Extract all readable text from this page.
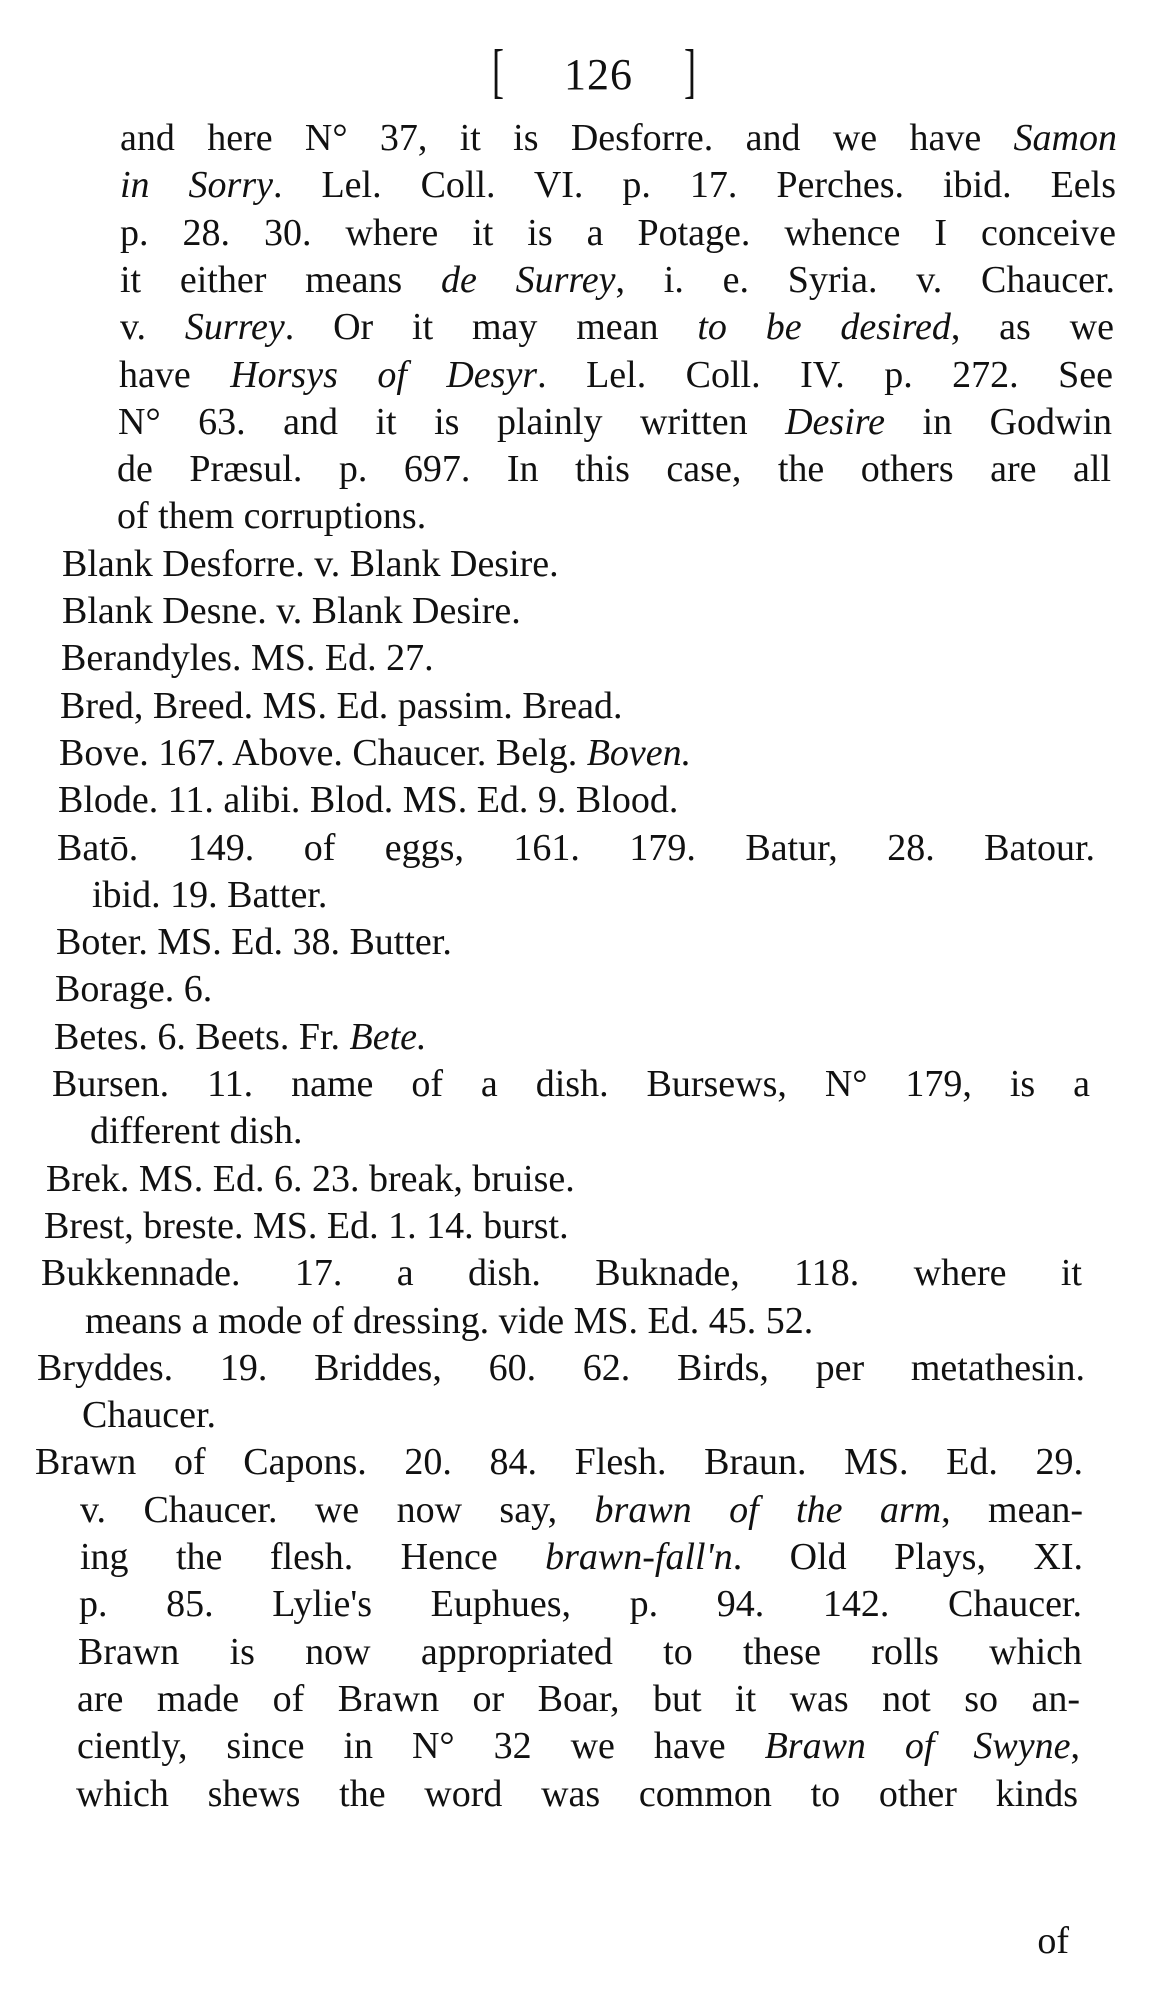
[ 126 ]
and here N° 37, it is Desforre. and we have Samon
in Sorry. Lel. Coll. VI. p. 17. Perches. ibid. Eels
p. 28. 30. where it is a Potage. whence I conceive
it either means de Surrey, i. e. Syria. v. Chaucer.
v. Surrey. Or it may mean to be desired, as we
have Horsys of Desyr. Lel. Coll. IV. p. 272. See
N° 63. and it is plainly written Desire in Godwin
de Præsul. p. 697. In this case, the others are all
of them corruptions.
Blank Desforre. v. Blank Desire.
Blank Desne. v. Blank Desire.
Berandyles. MS. Ed. 27.
Bred, Breed. MS. Ed. passim. Bread.
Bove. 167. Above. Chaucer. Belg. Boven.
Blode. 11. alibi. Blod. MS. Ed. 9. Blood.
Batō. 149. of eggs, 161. 179. Batur, 28. Batour.
ibid. 19. Batter.
Boter. MS. Ed. 38. Butter.
Borage. 6.
Betes. 6. Beets. Fr. Bete.
Bursen. 11. name of a dish. Bursews, N° 179, is a
different dish.
Brek. MS. Ed. 6. 23. break, bruise.
Brest, breste. MS. Ed. 1. 14. burst.
Bukkennade. 17. a dish. Buknade, 118. where it
means a mode of dressing. vide MS. Ed. 45. 52.
Bryddes. 19. Briddes, 60. 62. Birds, per metathesin.
Chaucer.
Brawn of Capons. 20. 84. Flesh. Braun. MS. Ed. 29.
v. Chaucer. we now say, brawn of the arm, mean-
ing the flesh. Hence brawn-fall'n. Old Plays, XI.
p. 85. Lylie's Euphues, p. 94. 142. Chaucer.
Brawn is now appropriated to these rolls which
are made of Brawn or Boar, but it was not so an-
ciently, since in N° 32 we have Brawn of Swyne,
which shews the word was common to other kinds
of
